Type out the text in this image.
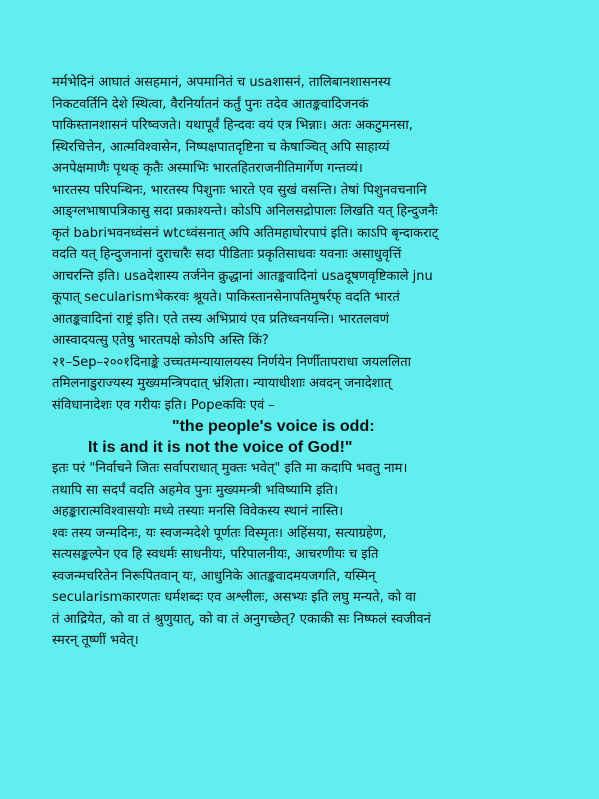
मर्मभेदिनं आघातं असहमानं, अपमानितं च usaशासनं, तालिबानशासनस्य
निकटवर्तिनि देशे स्थित्वा, वैरनिर्यातनं कर्तुं पुनः तदेव आतङ्कवादिजनकं
पाकिस्तानशासनं परिष्वजते। यथापूर्वं हिन्दवः वयं एत्र भिन्नाः। अतः अकटुमनसा,
स्थिरचित्तेन, आत्मविश्वासेन, निष्पक्षपातदृष्टिना च केषाञ्चित् अपि साहाय्यं
अनपेक्षमाणैः पृथक् कृतैः अस्माभिः भारतहितराजनीतिमार्गेण गन्तव्यं।
भारतस्य परिपन्थिनः, भारतस्य पिशुनाः भारते एव सुखं वसन्ति। तेषां पिशुनवचनानि
आङ्ग्लभाषापत्रिकासु सदा प्रकाश्यन्ते। कोऽपि अनिलसद्रोपालः लिखति यत् हिन्दुजनैः
कृतं babriभवनध्वंसनं wtcध्वंसनात् अपि अतिमहाघोरपापं इति। काऽपि बृन्दाकराट्
वदति यत् हिन्दुजनानां दुराचारैः सदा पीडिताः प्रकृतिसाधवः यवनाः असाधुवृत्तिं
आचरन्ति इति। usaदेशास्य तर्जनेन क्रुद्धानां आतङ्कवादिनां usaदूषणवृष्टिकाले jnu
कूपात् secularismभेकरवः श्रूयते। पाकिस्तानसेनापतिमुषर्रफ् वदति भारतं
आतङ्कवादिनां राष्ट्रं इति। एते तस्य अभिप्रायं एव प्रतिध्वनयन्ति। भारतलवणं
आस्वादयत्सु एतेषु भारतपक्षे कोऽपि अस्ति किं?
२१–Sep–२००१दिनाङ्के उच्चतमन्यायालयस्य निर्णयेन निर्णीतापराधा जयललिता
तमिलनाडुराज्यस्य मुख्यमन्त्रिपदात् भ्रंशिता। न्यायाधीशाः अवदन् जनादेशात्
संविधानादेशः एव गरीयः इति। Popeकविः एवं –
"the people's voice is odd:
It is and it is not the voice of God!"
इतः परं "निर्वाचने जितः सर्वापराधात् मुक्तः भवेत्" इति मा कदापि भवतु नाम।
तथापि सा सदर्पं वदति अहमेव पुनः मुख्यमन्त्री भविष्यामि इति।
अहङ्कारात्मविश्वासयोः मध्ये तस्याः मनसि विवेकस्य स्थानं नास्ति।
श्वः तस्य जन्मदिनः, यः स्वजन्मदेशे पूर्णतः विस्मृतः। अहिंसया, सत्याग्रहेण,
सत्यसङ्कल्पेन एव हि स्वधर्मः साधनीयः, परिपालनीयः, आचरणीयः च इति
स्वजन्मचरितेन निरूपितवान् यः, आधुनिके आतङ्कवादमयजगति, यस्मिन्
secularismकारणतः धर्मशब्दः एव अश्लीलः, असभ्यः इति लघु मन्यते, को वा
तं आद्रियेत, को वा तं श्रुणुयात्, को वा तं अनुगच्छेत्? एकाकी सः निष्फलं स्वजीवनं
स्मरन् तूष्णीं भवेत्।
